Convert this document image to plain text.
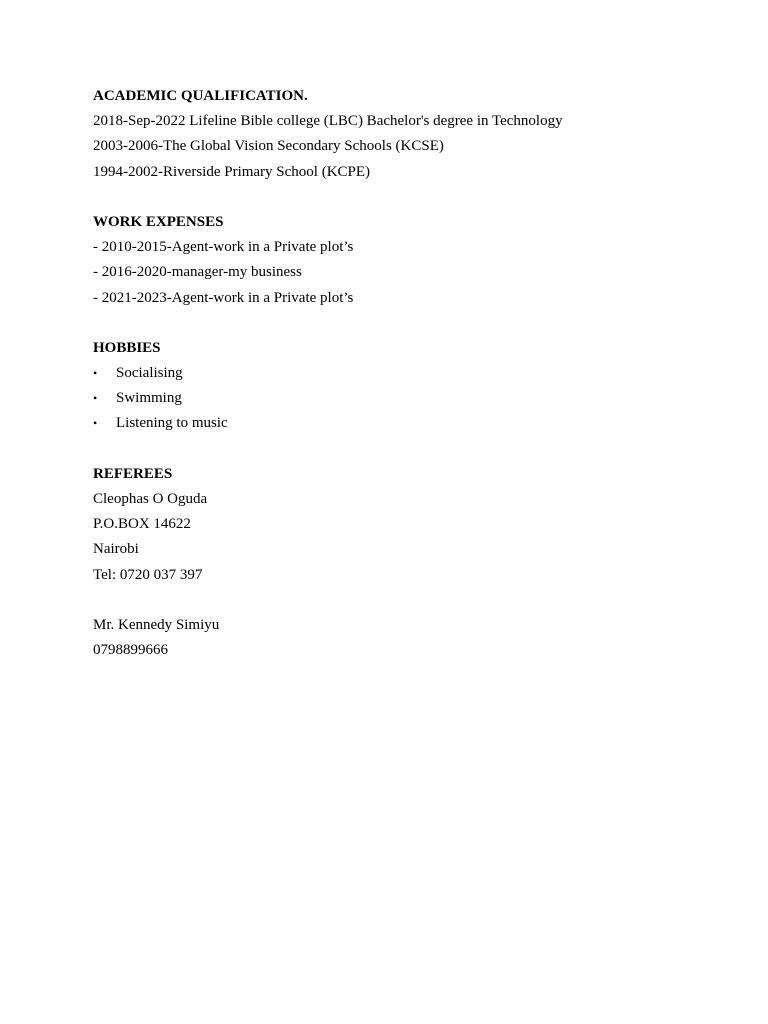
ACADEMIC QUALIFICATION.
2018-Sep-2022 Lifeline Bible college (LBC) Bachelor's degree in Technology
2003-2006-The Global Vision Secondary Schools (KCSE)
1994-2002-Riverside Primary School (KCPE)
WORK EXPENSES
- 2010-2015-Agent-work in a Private plot’s
- 2016-2020-manager-my business
- 2021-2023-Agent-work in a Private plot’s
HOBBIES
•	Socialising
•	Swimming
•	Listening to music
REFEREES
Cleophas O Oguda
P.O.BOX 14622
Nairobi
Tel: 0720 037 397
Mr. Kennedy Simiyu
0798899666
